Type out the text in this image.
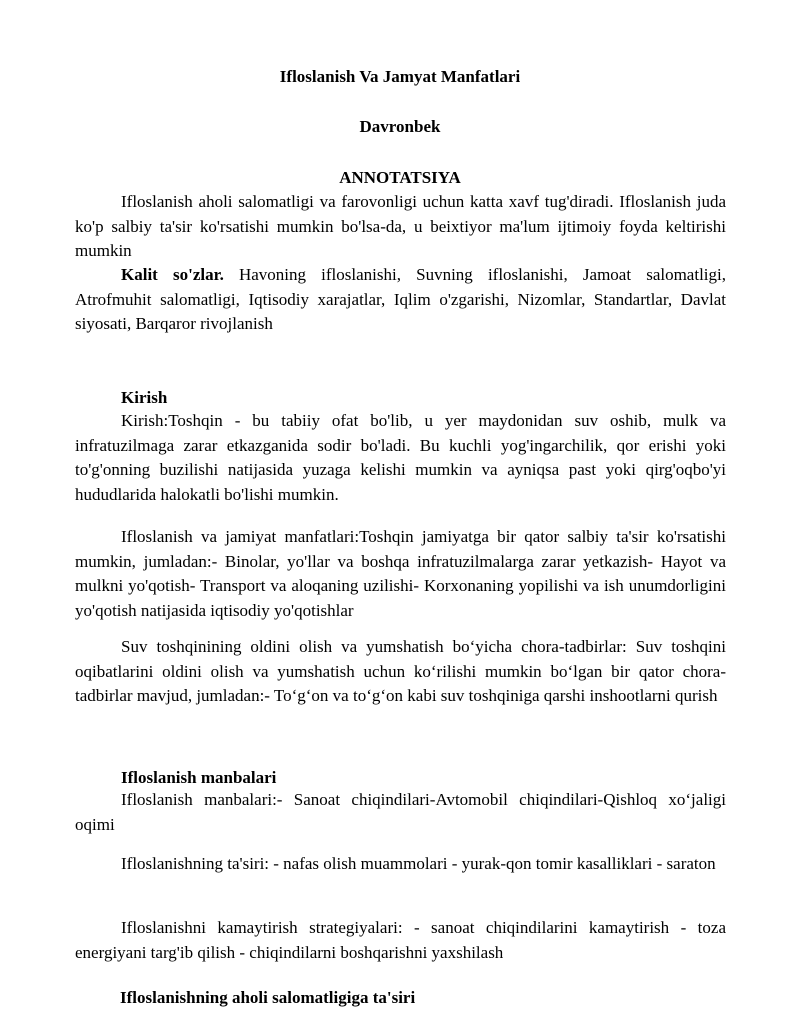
Ifloslanish Va Jamyat Manfatlari
Davronbek
ANNOTATSIYA

Ifloslanish aholi salomatligi va farovonligi uchun katta xavf tug'diradi. Ifloslanish juda ko'p salbiy ta'sir ko'rsatishi mumkin bo'lsa-da, u beixtiyor ma'lum ijtimoiy foyda keltirishi mumkin

Kalit so'zlar. Havoning ifloslanishi, Suvning ifloslanishi, Jamoat salomatligi, Atrofmuhit salomatligi, Iqtisodiy xarajatlar, Iqlim o'zgarishi, Nizomlar, Standartlar, Davlat siyosati, Barqaror rivojlanish

Kirish

Kirish:Toshqin - bu tabiiy ofat bo'lib, u yer maydonidan suv oshib, mulk va infratuzilmaga zarar etkazganida sodir bo'ladi. Bu kuchli yog'ingarchilik, qor erishi yoki to'g'onning buzilishi natijasida yuzaga kelishi mumkin va ayniqsa past yoki qirg'oqbo'yi hududlarida halokatli bo'lishi mumkin.

Ifloslanish va jamiyat manfatlari:Toshqin jamiyatga bir qator salbiy ta'sir ko'rsatishi mumkin, jumladan:- Binolar, yo'llar va boshqa infratuzilmalarga zarar yetkazish- Hayot va mulkni yo'qotish- Transport va aloqaning uzilishi- Korxonaning yopilishi va ish unumdorligini yo'qotish natijasida iqtisodiy yo'qotishlar

Suv toshqinining oldini olish va yumshatish bo‘yicha chora-tadbirlar: Suv toshqini oqibatlarini oldini olish va yumshatish uchun ko‘rilishi mumkin bo‘lgan bir qator chora-tadbirlar mavjud, jumladan:- To‘g‘on va to‘g‘on kabi suv toshqiniga qarshi inshootlarni qurish

Ifloslanish manbalari

Ifloslanish manbalari:- Sanoat chiqindilari-Avtomobil chiqindilari-Qishloq xo‘jaligi oqimi

Ifloslanishning ta'siri: - nafas olish muammolari - yurak-qon tomir kasalliklari - saraton

Ifloslanishni kamaytirish strategiyalari: - sanoat chiqindilarini kamaytirish - toza energiyani targ'ib qilish - chiqindilarni boshqarishni yaxshilash

Ifloslanishning aholi salomatligiga ta'siri
